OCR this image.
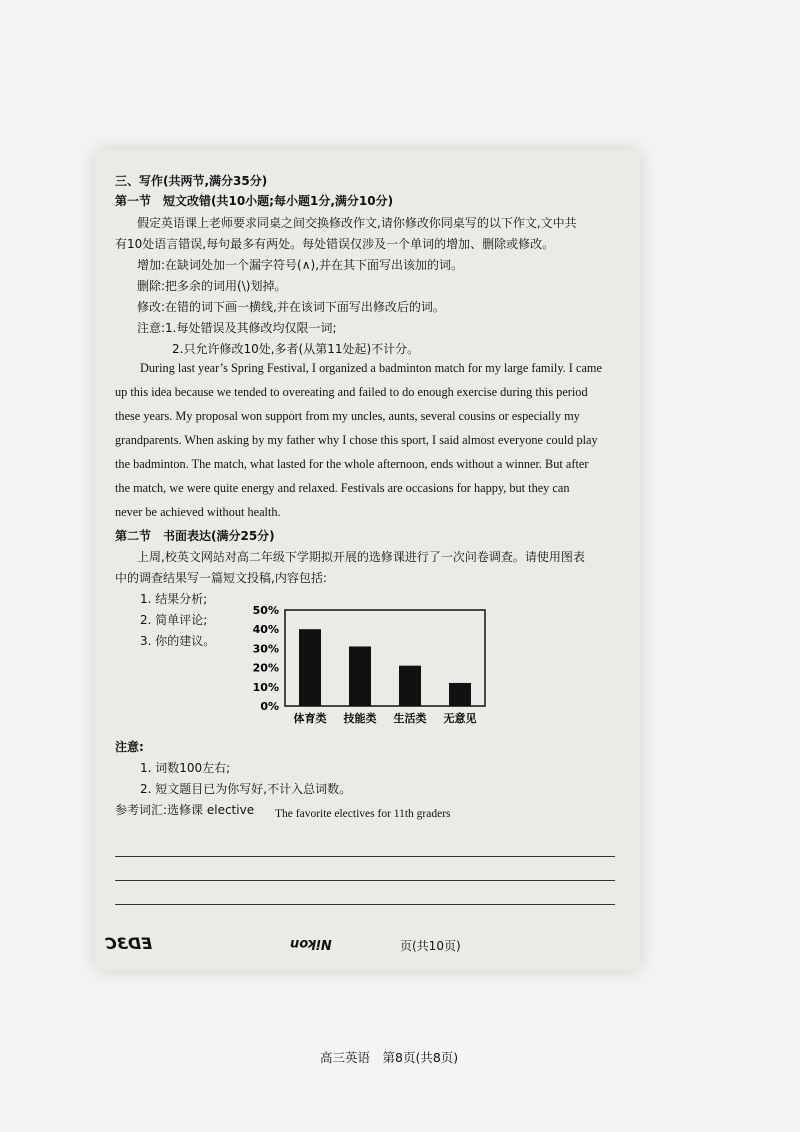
三、写作(共两节,满分35分)
第一节　短文改错(共10小题;每小题1分,满分10分)
假定英语课上老师要求同桌之间交换修改作文,请你修改你同桌写的以下作文,文中共
有10处语言错误,每句最多有两处。每处错误仅涉及一个单词的增加、删除或修改。
增加:在缺词处加一个漏字符号(∧),并在其下面写出该加的词。
删除:把多余的词用(\)划掉。
修改:在错的词下画一横线,并在该词下面写出修改后的词。
注意:1.每处错误及其修改均仅限一词;
2.只允许修改10处,多者(从第11处起)不计分。
During last year’s Spring Festival, I organized a badminton match for my large family. I came
up this idea because we tended to overeating and failed to do enough exercise during this period
these years. My proposal won support from my uncles, aunts, several cousins or especially my
grandparents. When asking by my father why I chose this sport, I said almost everyone could play
the badminton. The match, what lasted for the whole afternoon, ends without a winner. But after
the match, we were quite energy and relaxed. Festivals are occasions for happy, but they can
never be achieved without health.
第二节　书面表达(满分25分)
上周,校英文网站对高二年级下学期拟开展的选修课进行了一次问卷调查。请使用图表
中的调查结果写一篇短文投稿,内容包括:
1. 结果分析;
2. 简单评论;
3. 你的建议。
0%
10%
20%
30%
40%
50%
体育类 技能类 生活类 无意见
注意:
1. 词数100左右;
2. 短文题目已为你写好,不计入总词数。
参考词汇:选修课 elective The favorite electives for 11th graders
ED3C	Nikon	页(共10页)
高三英语　第8页(共8页)
